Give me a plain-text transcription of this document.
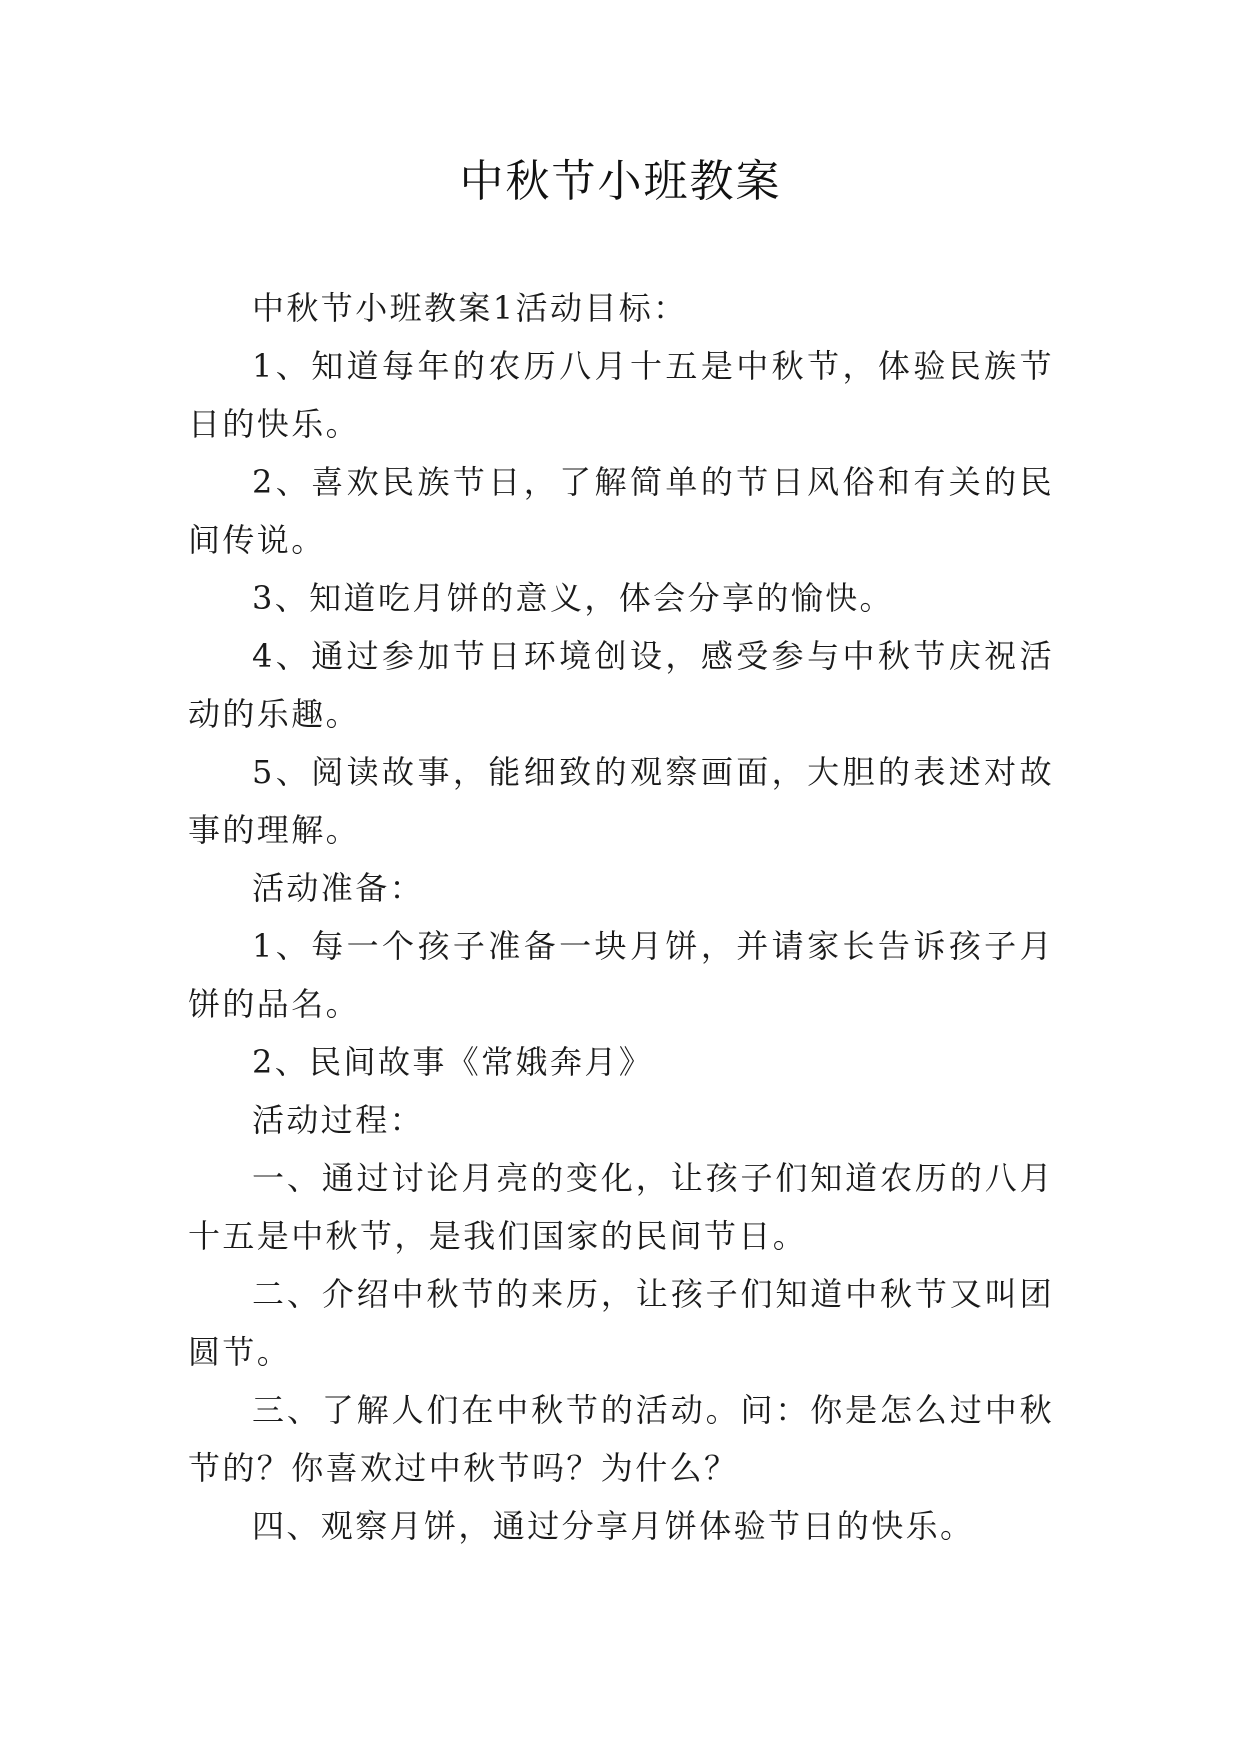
中秋节小班教案

中秋节小班教案1活动目标：

1、知道每年的农历八月十五是中秋节，体验民族节日的快乐。

2、喜欢民族节日，了解简单的节日风俗和有关的民间传说。

3、知道吃月饼的意义，体会分享的愉快。

4、通过参加节日环境创设，感受参与中秋节庆祝活动的乐趣。

5、阅读故事，能细致的观察画面，大胆的表述对故事的理解。

活动准备：

1、每一个孩子准备一块月饼，并请家长告诉孩子月饼的品名。

2、民间故事《常娥奔月》

活动过程：

一、通过讨论月亮的变化，让孩子们知道农历的八月十五是中秋节，是我们国家的民间节日。

二、介绍中秋节的来历，让孩子们知道中秋节又叫团圆节。

三、了解人们在中秋节的活动。问：你是怎么过中秋节的？你喜欢过中秋节吗？为什么？

四、观察月饼，通过分享月饼体验节日的快乐。
